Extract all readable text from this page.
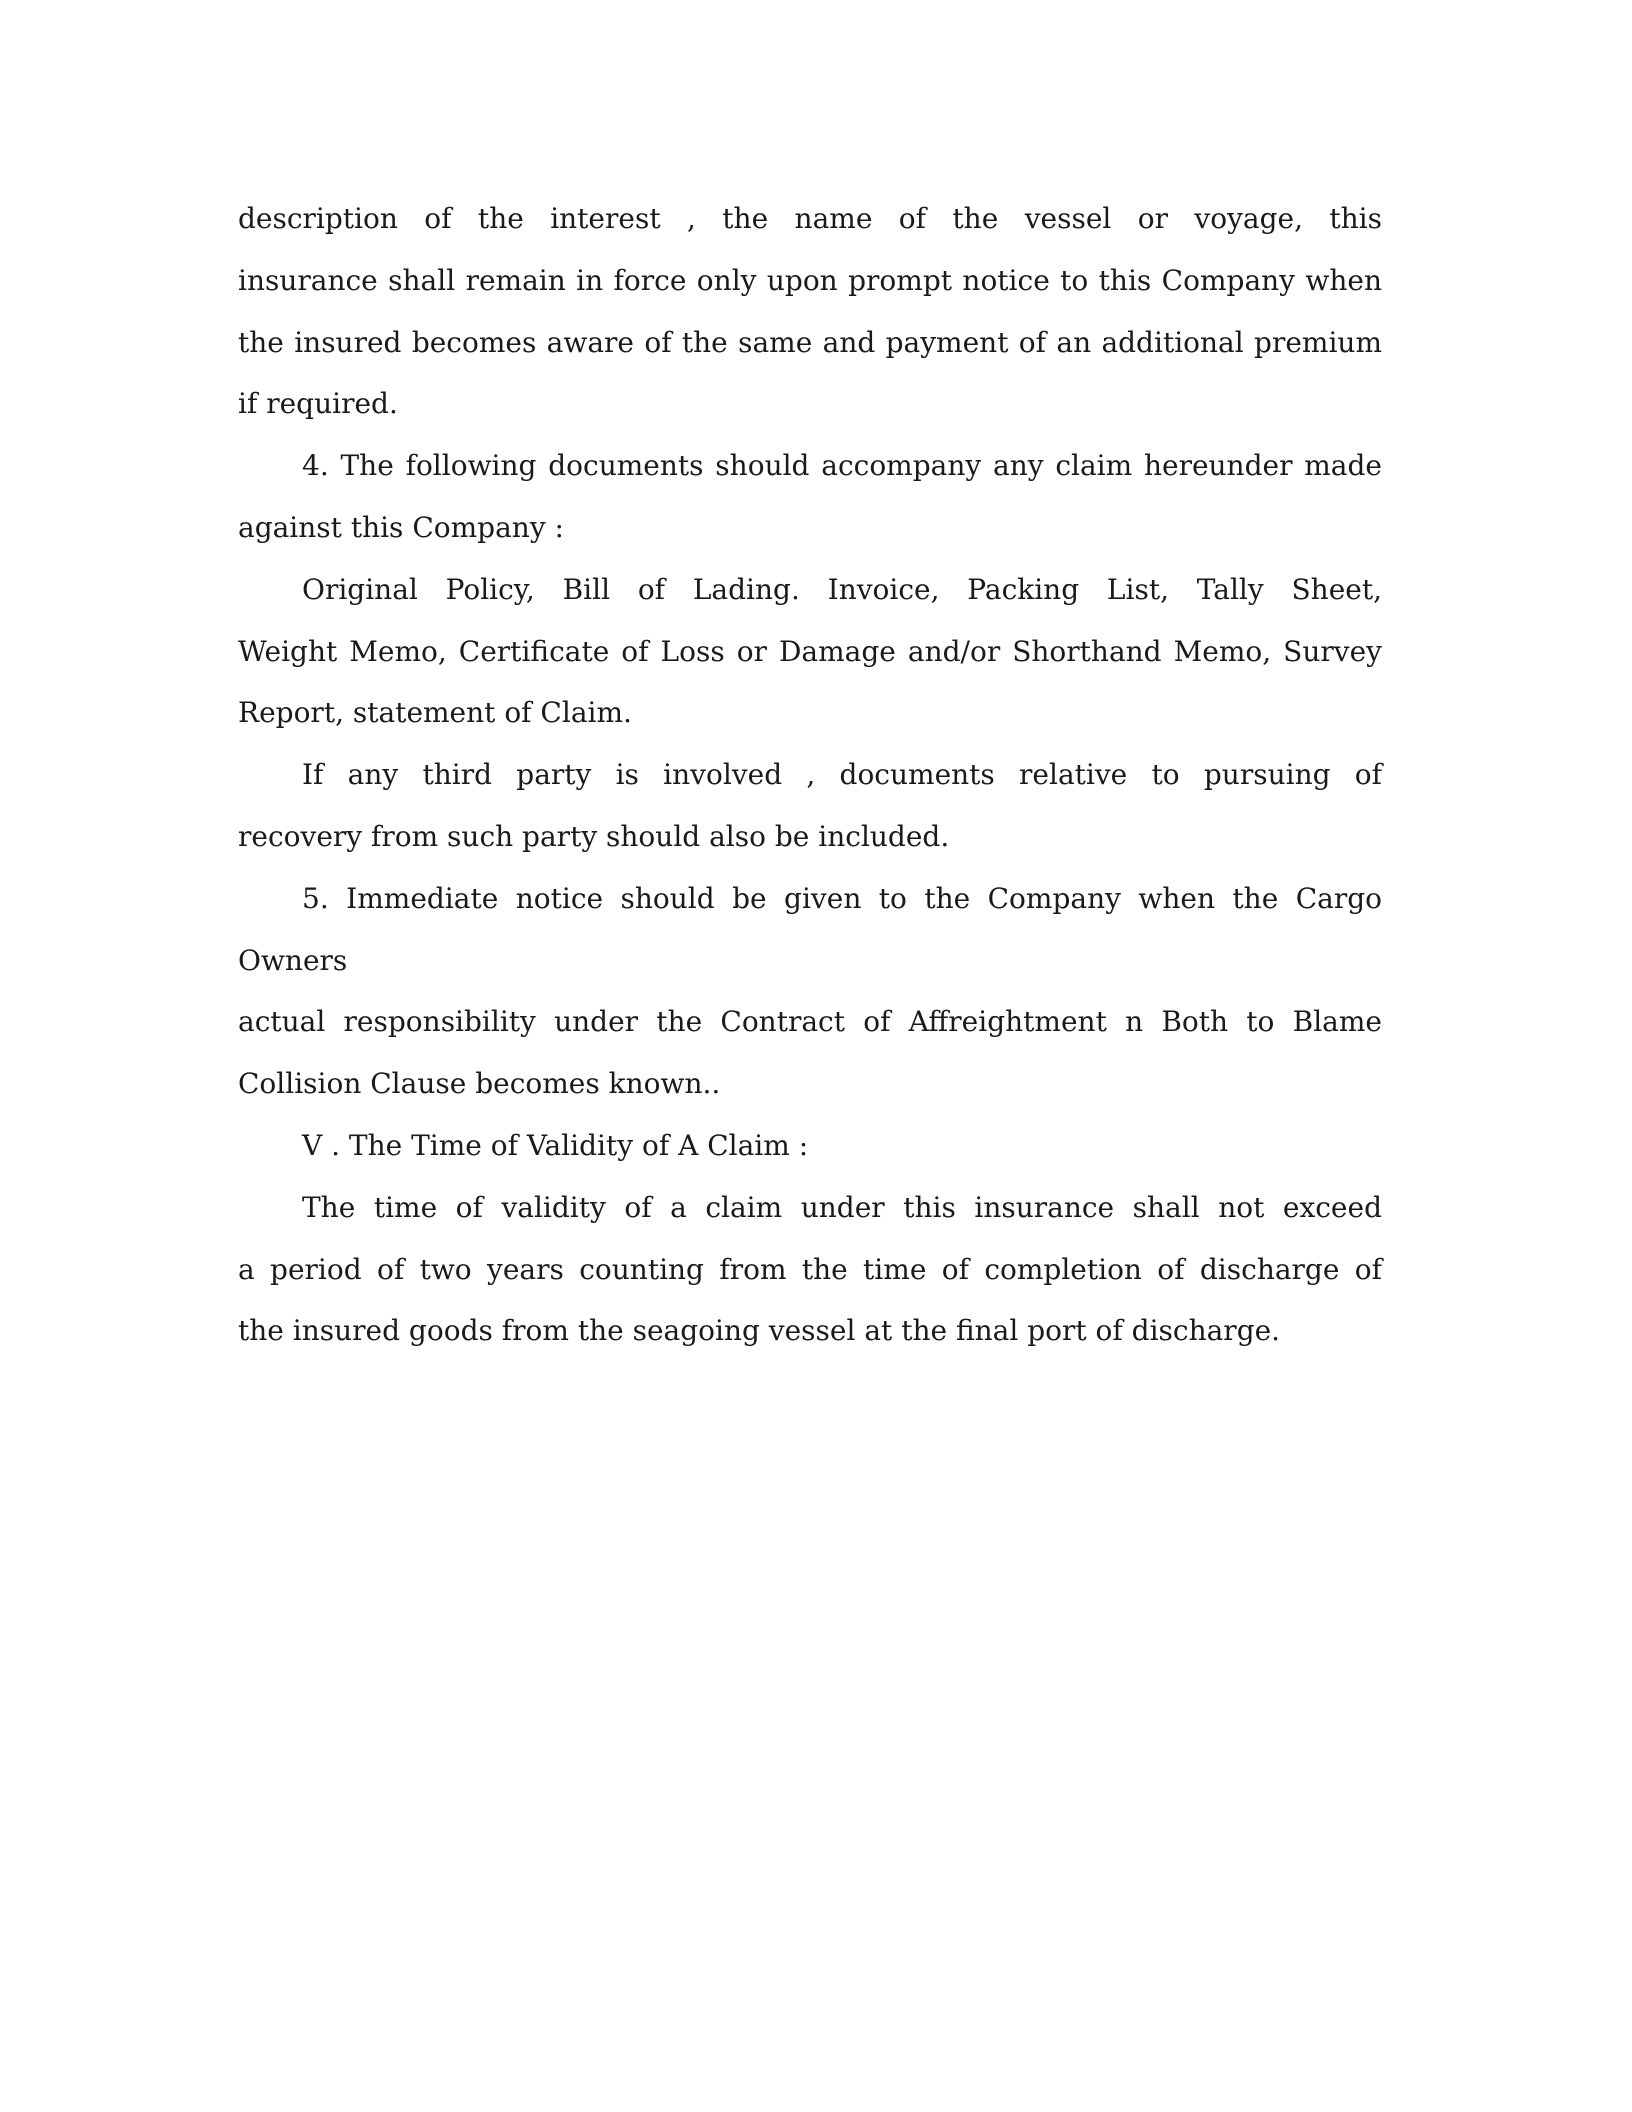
description of the interest , the name of the vessel or voyage, this

insurance shall remain in force only upon prompt notice to this Company when

the insured becomes aware of the same and payment of an additional premium

if required.

4. The following documents should accompany any claim hereunder made

against this Company :

Original Policy, Bill of Lading. Invoice, Packing List, Tally Sheet,

Weight Memo, Certificate of Loss or Damage and/or Shorthand Memo, Survey

Report, statement of Claim.

If any third party is involved , documents relative to pursuing of

recovery from such party should also be included.

5. Immediate notice should be given to the Company when the Cargo Owners

actual responsibility under the Contract of Affreightment n Both to Blame

Collision Clause becomes known..

V . The Time of Validity of A Claim :

The time of validity of a claim under this insurance shall not exceed

a period of two years counting from the time of completion of discharge of

the insured goods from the seagoing vessel at the final port of discharge.
